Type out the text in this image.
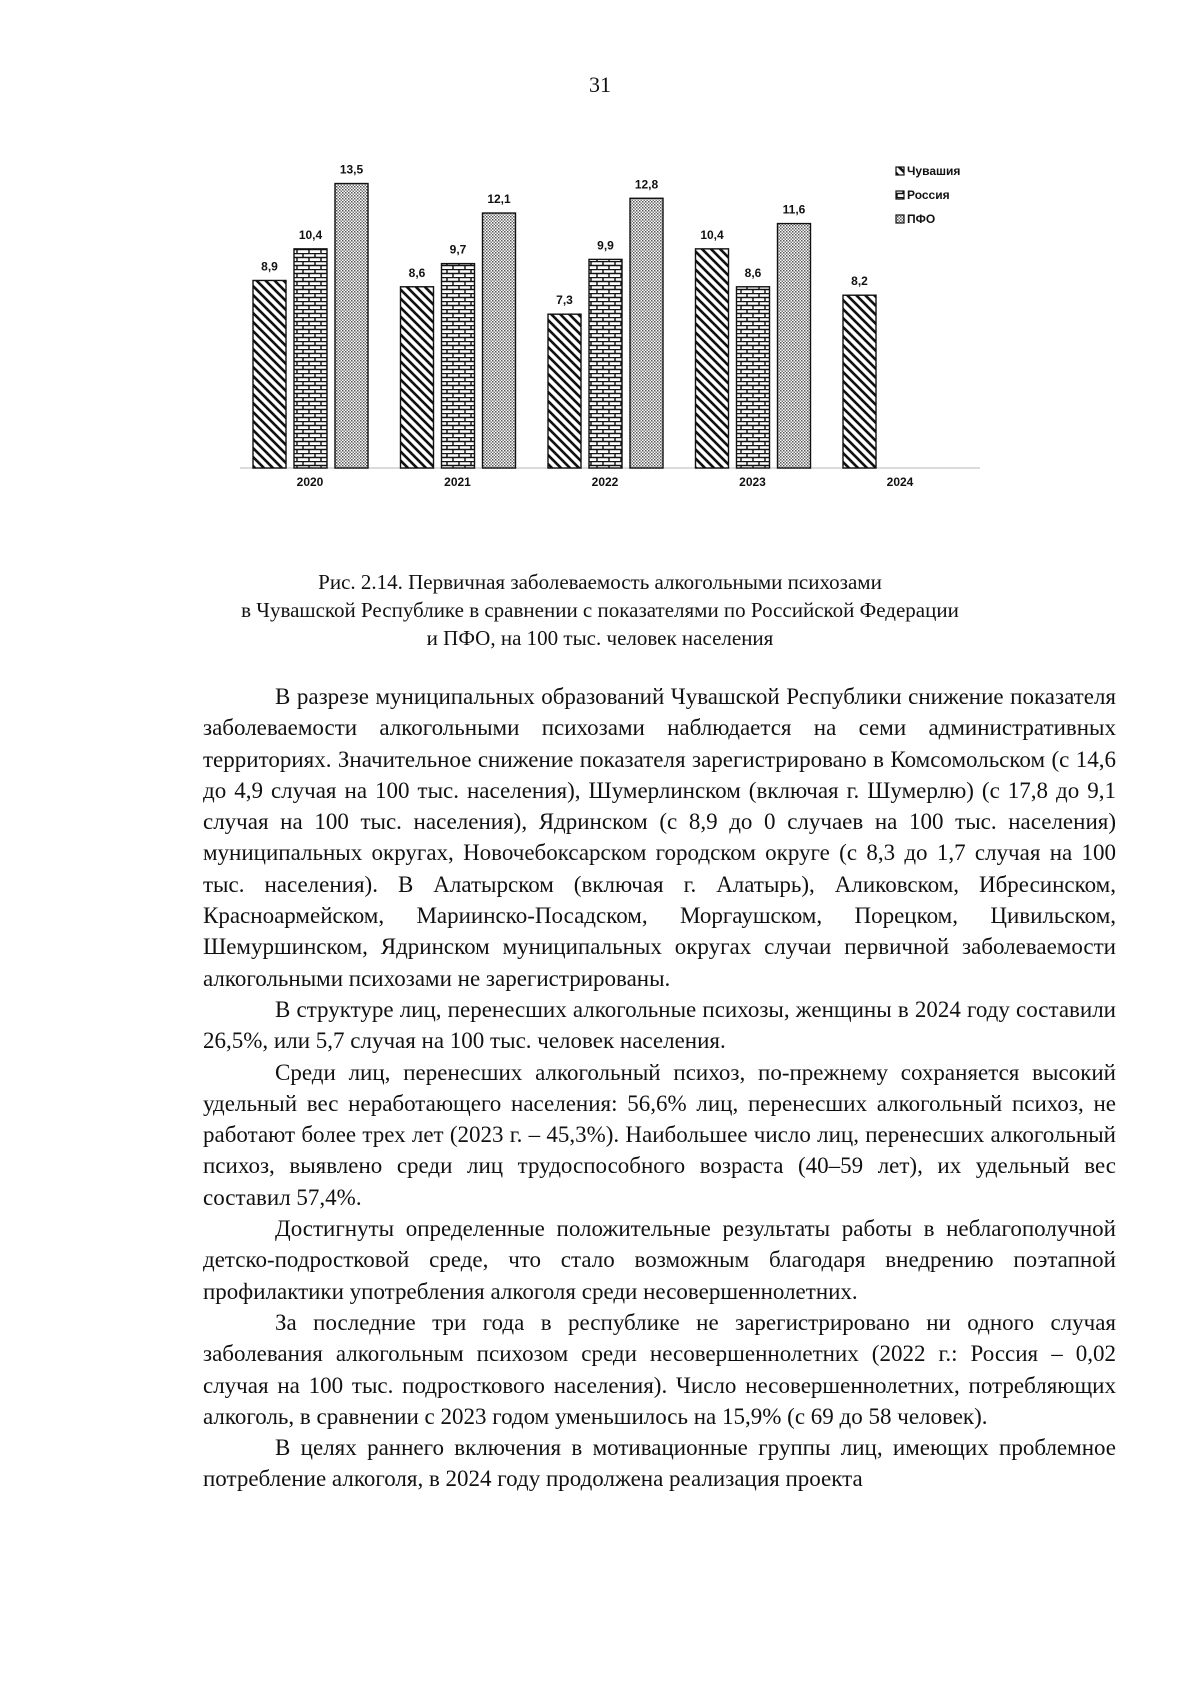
31
8,9
10,4
13,5
8,6
9,7
12,1
7,3
9,9
12,8
10,4
8,6
11,6
8,2
2020	2021	2022	2023	2024
Чувашия
Россия
ПФО
Рис. 2.14. Первичная заболеваемость алкогольными психозами
в Чувашской Республике в сравнении с показателями по Российской Федерации
и ПФО, на 100 тыс. человек населения

В разрезе муниципальных образований Чувашской Республики снижение показателя заболеваемости алкогольными психозами наблюдается на семи административных территориях. Значительное снижение показателя зарегистрировано в Комсомольском (с 14,6 до 4,9 случая на 100 тыс. населения), Шумерлинском (включая г. Шумерлю) (с 17,8 до 9,1 случая на 100 тыс. населения), Ядринском (с 8,9 до 0 случаев на 100 тыс. населения) муниципальных округах, Новочебоксарском городском округе (с 8,3 до 1,7 случая на 100 тыс. населения). В Алатырском (включая г. Алатырь), Аликовском, Ибресинском, Красноармейском, Мариинско-Посадском, Моргаушском, Порецком, Цивильском, Шемуршинском, Ядринском муниципальных округах случаи первичной заболеваемости алкогольными психозами не зарегистрированы.

В структуре лиц, перенесших алкогольные психозы, женщины в 2024 году составили 26,5%, или 5,7 случая на 100 тыс. человек населения.

Среди лиц, перенесших алкогольный психоз, по-прежнему сохраняется высокий удельный вес неработающего населения: 56,6% лиц, перенесших алкогольный психоз, не работают более трех лет (2023 г. – 45,3%). Наибольшее число лиц, перенесших алкогольный психоз, выявлено среди лиц трудоспособного возраста (40–59 лет), их удельный вес составил 57,4%.

Достигнуты определенные положительные результаты работы в неблагополучной детско-подростковой среде, что стало возможным благодаря внедрению поэтапной профилактики употребления алкоголя среди несовершеннолетних.

За последние три года в республике не зарегистрировано ни одного случая заболевания алкогольным психозом среди несовершеннолетних (2022 г.: Россия – 0,02 случая на 100 тыс. подросткового населения). Число несовершеннолетних, потребляющих алкоголь, в сравнении с 2023 годом уменьшилось на 15,9% (с 69 до 58 человек).

В целях раннего включения в мотивационные группы лиц, имеющих проблемное потребление алкоголя, в 2024 году продолжена реализация проекта
